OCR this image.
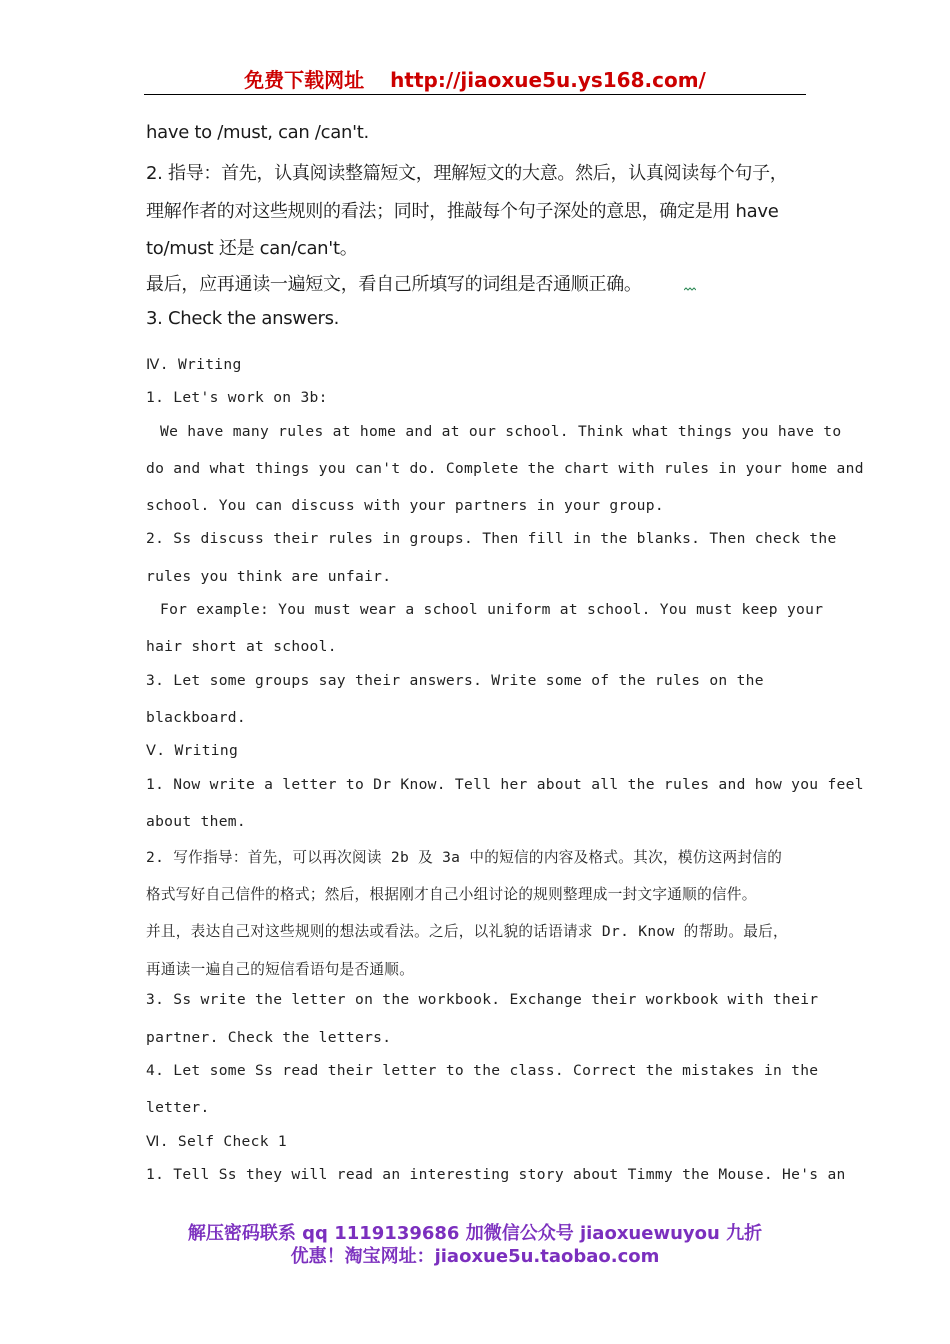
免费下载网址 http://jiaoxue5u.ys168.com/
have to /must, can /can't.
2. 指导：首先，认真阅读整篇短文，理解短文的大意。然后，认真阅读每个句子，
理解作者的对这些规则的看法；同时，推敲每个句子深处的意思，确定是用 have
to/must 还是 can/can't。
最后，应再通读一遍短文，看自己所填写的词组是否通顺正确。
3. Check the answers.
Ⅳ. Writing
1. Let's work on 3b:
We have many rules at home and at our school. Think what things you have to
do and what things you can't do. Complete the chart with rules in your home and
school. You can discuss with your partners in your group.
2. Ss discuss their rules in groups. Then fill in the blanks. Then check the
rules you think are unfair.
For example: You must wear a school uniform at school. You must keep your
hair short at school.
3. Let some groups say their answers. Write some of the rules on the
blackboard.
Ⅴ. Writing
1. Now write a letter to Dr Know. Tell her about all the rules and how you feel
about them.
2. 写作指导：首先，可以再次阅读 2b 及 3a 中的短信的内容及格式。其次，模仿这两封信的
格式写好自己信件的格式；然后，根据刚才自己小组讨论的规则整理成一封文字通顺的信件。
并且，表达自己对这些规则的想法或看法。之后，以礼貌的话语请求 Dr. Know 的帮助。最后，
再通读一遍自己的短信看语句是否通顺。
3. Ss write the letter on the workbook. Exchange their workbook with their
partner. Check the letters.
4. Let some Ss read their letter to the class. Correct the mistakes in the
letter.
Ⅵ. Self Check 1
1. Tell Ss they will read an interesting story about Timmy the Mouse. He's an
解压密码联系 qq 1119139686 加微信公众号 jiaoxuewuyou 九折
优惠！淘宝网址：jiaoxue5u.taobao.com
